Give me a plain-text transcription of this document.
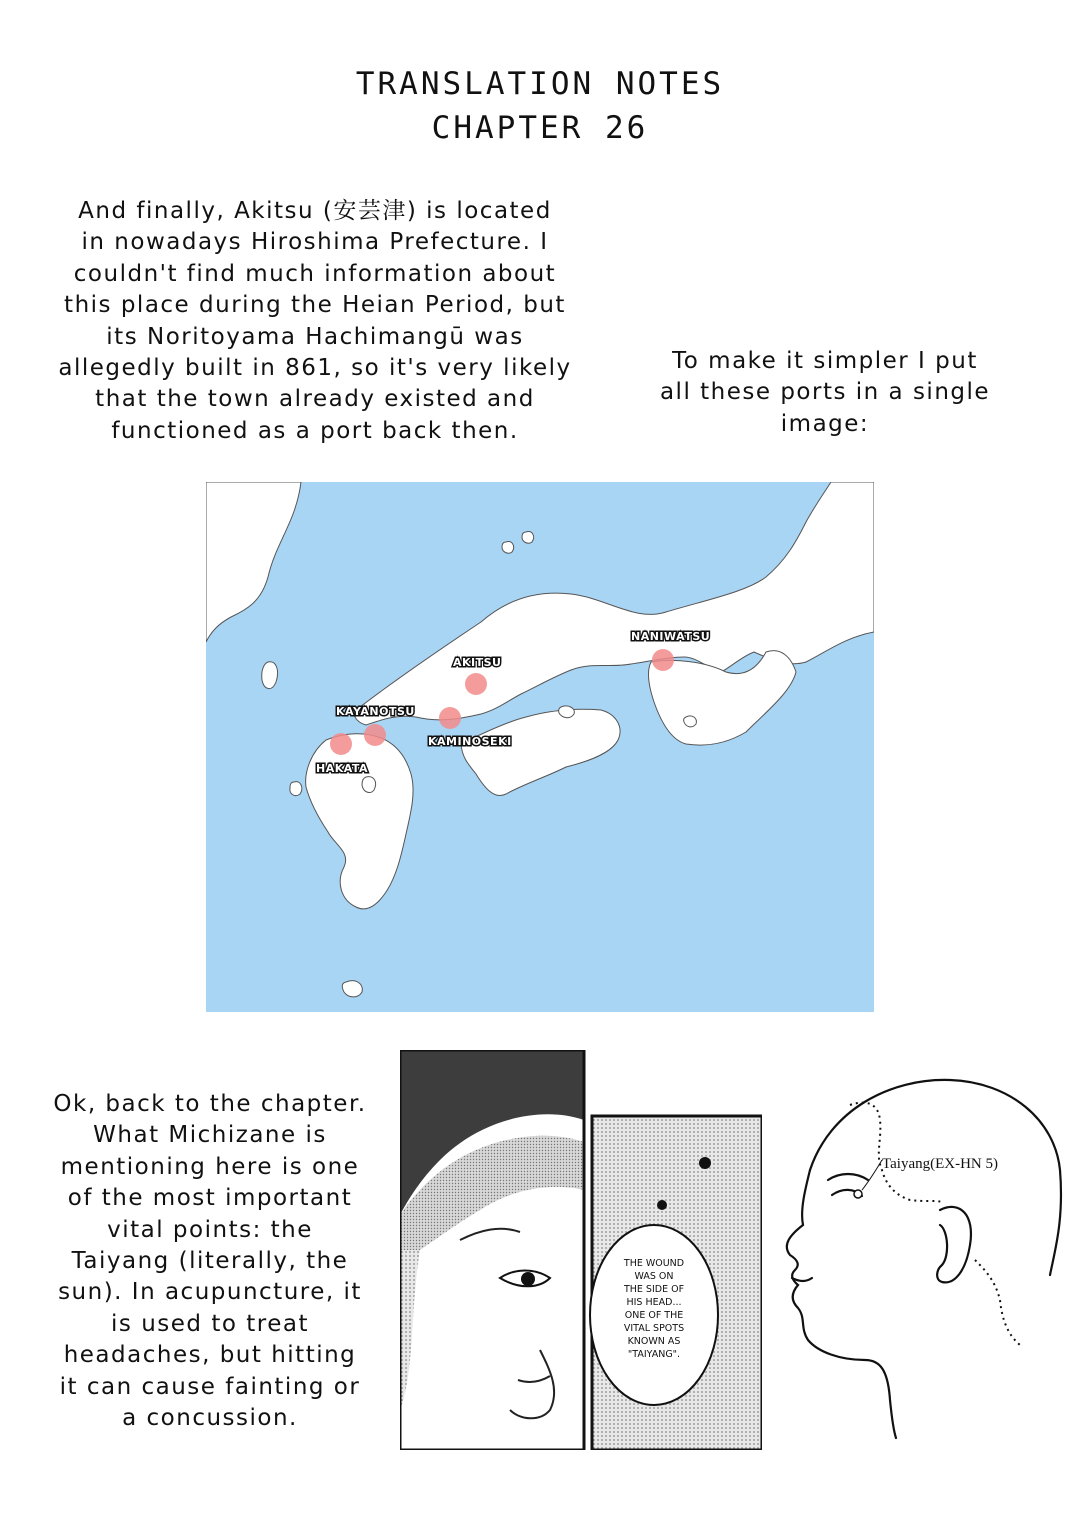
TRANSLATION NOTES
CHAPTER 26
And finally, Akitsu (安芸津) is located
in nowadays Hiroshima Prefecture. I
couldn't find much information about
this place during the Heian Period, but
its Noritoyama Hachimangū was
allegedly built in 861, so it's very likely
that the town already existed and
functioned as a port back then.
To make it simpler I put
all these ports in a single
image:
NANIWATSU
AKITSU
KAYANOTSU
KAMINOSEKI
HAKATA
Ok, back to the chapter.
What Michizane is
mentioning here is one
of the most important
vital points: the
Taiyang (literally, the
sun). In acupuncture, it
is used to treat
headaches, but hitting
it can cause fainting or
a concussion.
THE WOUND
WAS ON
THE SIDE OF
HIS HEAD...
ONE OF THE
VITAL SPOTS
KNOWN AS
"TAIYANG".
Taiyang(EX-HN 5)
